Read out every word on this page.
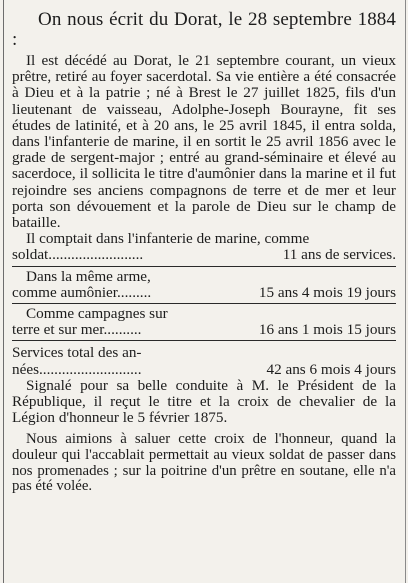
On nous écrit du Dorat, le 28 septembre 1884 :

Il est décédé au Dorat, le 21 septembre courant, un vieux prêtre, retiré au foyer sacerdotal. Sa vie entière a été consacrée à Dieu et à la patrie ; né à Brest le 27 juillet 1825, fils d'un lieutenant de vaisseau, Adolphe-Joseph Bourayne, fit ses études de latinité, et à 20 ans, le 25 avril 1845, il entra solda, dans l'infanterie de marine, il en sortit le 25 avril 1856 avec le grade de sergent-major ; entré au grand-séminaire et élevé au sacerdoce, il sollicita le titre d'aumônier dans la marine et il fut rejoindre ses anciens compagnons de terre et de mer et leur porta son dévouement et la parole de Dieu sur le champ de bataille.

Il comptait dans l'infanterie de marine, comme

soldat.........................	11 ans de services.
Dans la même arme,
comme aumônier.........	15 ans 4 mois 19 jours
Comme campagnes sur
terre et sur mer..........	16 ans 1 mois 15 jours
Services total des an-
nées...........................	42 ans 6 mois 4 jours

Signalé pour sa belle conduite à M. le Président de la République, il reçut le titre et la croix de chevalier de la Légion d'honneur le 5 février 1875.

Nous aimions à saluer cette croix de l'honneur, quand la douleur qui l'accablait permettait au vieux soldat de passer dans nos promenades ; sur la poitrine d'un prêtre en soutane, elle n'a pas été volée.
